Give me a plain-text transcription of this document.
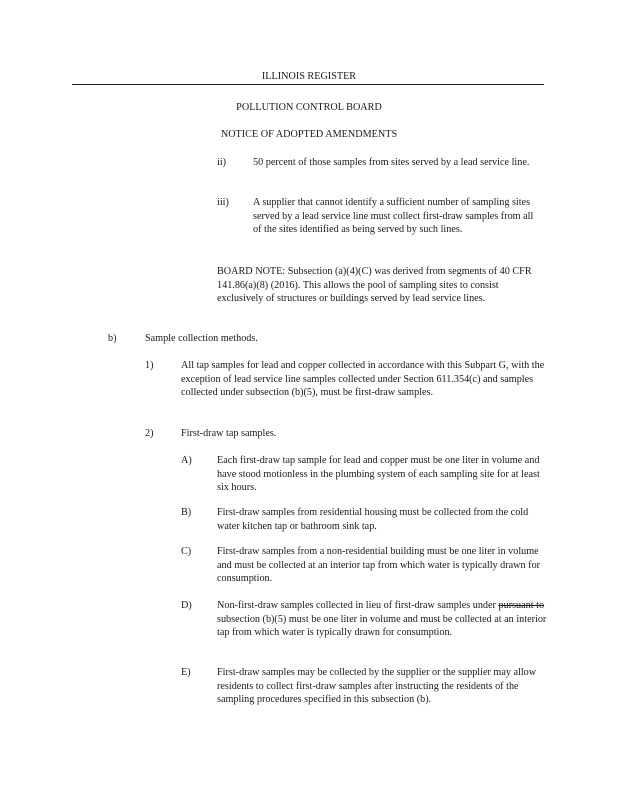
ILLINOIS REGISTER
POLLUTION CONTROL BOARD
NOTICE OF ADOPTED AMENDMENTS
ii)	50 percent of those samples from sites served by a lead service line.
iii) A supplier that cannot identify a sufficient number of sampling sites served by a lead service line must collect first-draw samples from all of the sites identified as being served by such lines.
BOARD NOTE: Subsection (a)(4)(C) was derived from segments of 40 CFR 141.86(a)(8) (2016). This allows the pool of sampling sites to consist exclusively of structures or buildings served by lead service lines.
b)	Sample collection methods.
1)	All tap samples for lead and copper collected in accordance with this Subpart G, with the exception of lead service line samples collected under Section 611.354(c) and samples collected under subsection (b)(5), must be first-draw samples.
2)	First-draw tap samples.
A) Each first-draw tap sample for lead and copper must be one liter in volume and have stood motionless in the plumbing system of each sampling site for at least six hours.
B)	First-draw samples from residential housing must be collected from the cold water kitchen tap or bathroom sink tap.
C)	First-draw samples from a non-residential building must be one liter in volume and must be collected at an interior tap from which water is typically drawn for consumption.
D) Non-first-draw samples collected in lieu of first-draw samples under pursuant to subsection (b)(5) must be one liter in volume and must be collected at an interior tap from which water is typically drawn for consumption.
E)	First-draw samples may be collected by the supplier or the supplier may allow residents to collect first-draw samples after instructing the residents of the sampling procedures specified in this subsection (b).
